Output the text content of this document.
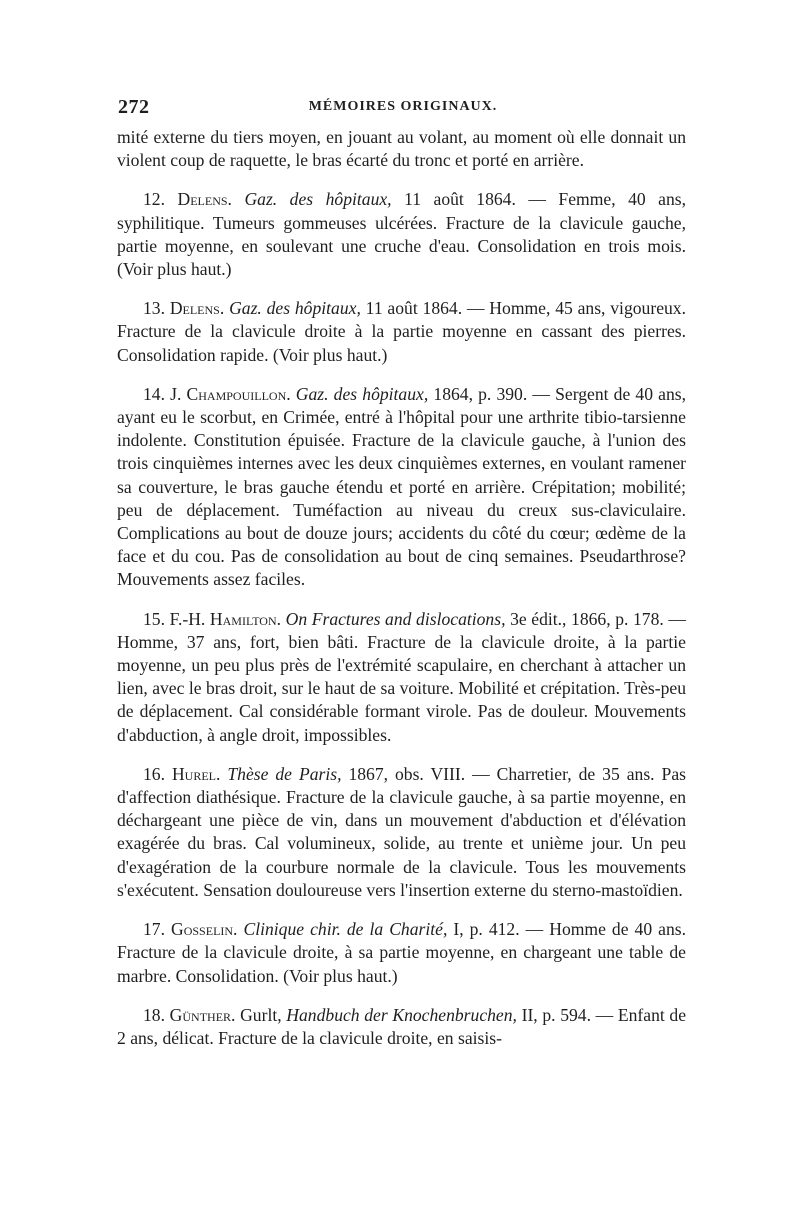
272	MÉMOIRES ORIGINAUX.

mité externe du tiers moyen, en jouant au volant, au moment où elle donnait un violent coup de raquette, le bras écarté du tronc et porté en arrière.

12. Delens. Gaz. des hôpitaux, 11 août 1864. — Femme, 40 ans, syphilitique. Tumeurs gommeuses ulcérées. Fracture de la clavicule gauche, partie moyenne, en soulevant une cruche d'eau. Consolidation en trois mois. (Voir plus haut.)

13. Delens. Gaz. des hôpitaux, 11 août 1864. — Homme, 45 ans, vigoureux. Fracture de la clavicule droite à la partie moyenne en cassant des pierres. Consolidation rapide. (Voir plus haut.)

14. J. Champouillon. Gaz. des hôpitaux, 1864, p. 390. — Sergent de 40 ans, ayant eu le scorbut, en Crimée, entré à l'hôpital pour une arthrite tibio-tarsienne indolente. Constitution épuisée. Fracture de la clavicule gauche, à l'union des trois cinquièmes internes avec les deux cinquièmes externes, en voulant ramener sa couverture, le bras gauche étendu et porté en arrière. Crépitation; mobilité; peu de déplacement. Tuméfaction au niveau du creux sus-claviculaire. Complications au bout de douze jours; accidents du côté du cœur; œdème de la face et du cou. Pas de consolidation au bout de cinq semaines. Pseudarthrose? Mouvements assez faciles.

15. F.-H. Hamilton. On Fractures and dislocations, 3e édit., 1866, p. 178. — Homme, 37 ans, fort, bien bâti. Fracture de la clavicule droite, à la partie moyenne, un peu plus près de l'extrémité scapulaire, en cherchant à attacher un lien, avec le bras droit, sur le haut de sa voiture. Mobilité et crépitation. Très-peu de déplacement. Cal considérable formant virole. Pas de douleur. Mouvements d'abduction, à angle droit, impossibles.

16. Hurel. Thèse de Paris, 1867, obs. VIII. — Charretier, de 35 ans. Pas d'affection diathésique. Fracture de la clavicule gauche, à sa partie moyenne, en déchargeant une pièce de vin, dans un mouvement d'abduction et d'élévation exagérée du bras. Cal volumineux, solide, au trente et unième jour. Un peu d'exagération de la courbure normale de la clavicule. Tous les mouvements s'exécutent. Sensation douloureuse vers l'insertion externe du sterno-mastoïdien.

17. Gosselin. Clinique chir. de la Charité, I, p. 412. — Homme de 40 ans. Fracture de la clavicule droite, à sa partie moyenne, en chargeant une table de marbre. Consolidation. (Voir plus haut.)

18. Günther. Gurlt, Handbuch der Knochenbruchen, II, p. 594. — Enfant de 2 ans, délicat. Fracture de la clavicule droite, en saisis-
